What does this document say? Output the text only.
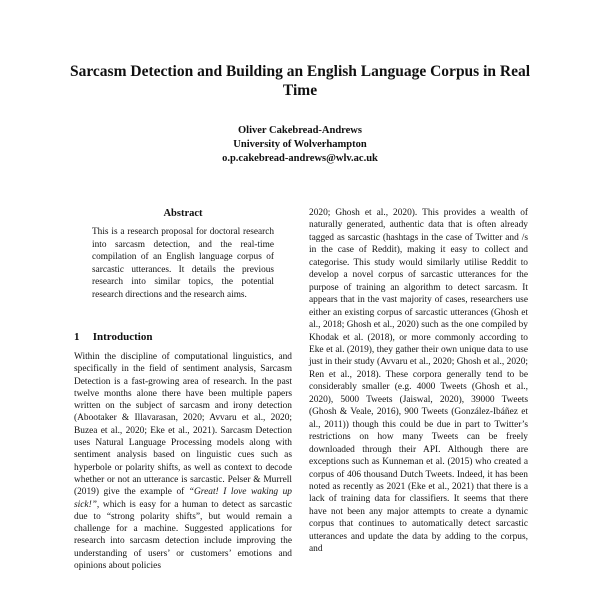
Sarcasm Detection and Building an English Language Corpus in Real Time
Oliver Cakebread-Andrews
University of Wolverhampton
o.p.cakebread-andrews@wlv.ac.uk
Abstract
This is a research proposal for doctoral research into sarcasm detection, and the real-time compilation of an English language corpus of sarcastic utterances. It details the previous research into similar topics, the potential research directions and the research aims.
1 Introduction

Within the discipline of computational linguistics, and specifically in the field of sentiment analysis, Sarcasm Detection is a fast-growing area of research. In the past twelve months alone there have been multiple papers written on the subject of sarcasm and irony detection (Abootaker & Illavarasan, 2020; Avvaru et al., 2020; Buzea et al., 2020; Eke et al., 2021). Sarcasm Detection uses Natural Language Processing models along with sentiment analysis based on linguistic cues such as hyperbole or polarity shifts, as well as context to decode whether or not an utterance is sarcastic. Pelser & Murrell (2019) give the example of “Great! I love waking up sick!”, which is easy for a human to detect as sarcastic due to “strong polarity shifts”, but would remain a challenge for a machine. Suggested applications for research into sarcasm detection include improving the understanding of users’ or customers’ emotions and opinions about policies

2020; Ghosh et al., 2020). This provides a wealth of naturally generated, authentic data that is often already tagged as sarcastic (hashtags in the case of Twitter and /s in the case of Reddit), making it easy to collect and categorise. This study would similarly utilise Reddit to develop a novel corpus of sarcastic utterances for the purpose of training an algorithm to detect sarcasm. It appears that in the vast majority of cases, researchers use either an existing corpus of sarcastic utterances (Ghosh et al., 2018; Ghosh et al., 2020) such as the one compiled by Khodak et al. (2018), or more commonly according to Eke et al. (2019), they gather their own unique data to use just in their study (Avvaru et al., 2020; Ghosh et al., 2020; Ren et al., 2018). These corpora generally tend to be considerably smaller (e.g. 4000 Tweets (Ghosh et al., 2020), 5000 Tweets (Jaiswal, 2020), 39000 Tweets (Ghosh & Veale, 2016), 900 Tweets (González-Ibáñez et al., 2011)) though this could be due in part to Twitter’s restrictions on how many Tweets can be freely downloaded through their API. Although there are exceptions such as Kunneman et al. (2015) who created a corpus of 406 thousand Dutch Tweets. Indeed, it has been noted as recently as 2021 (Eke et al., 2021) that there is a lack of training data for classifiers. It seems that there have not been any major attempts to create a dynamic corpus that continues to automatically detect sarcastic utterances and update the data by adding to the corpus, and
